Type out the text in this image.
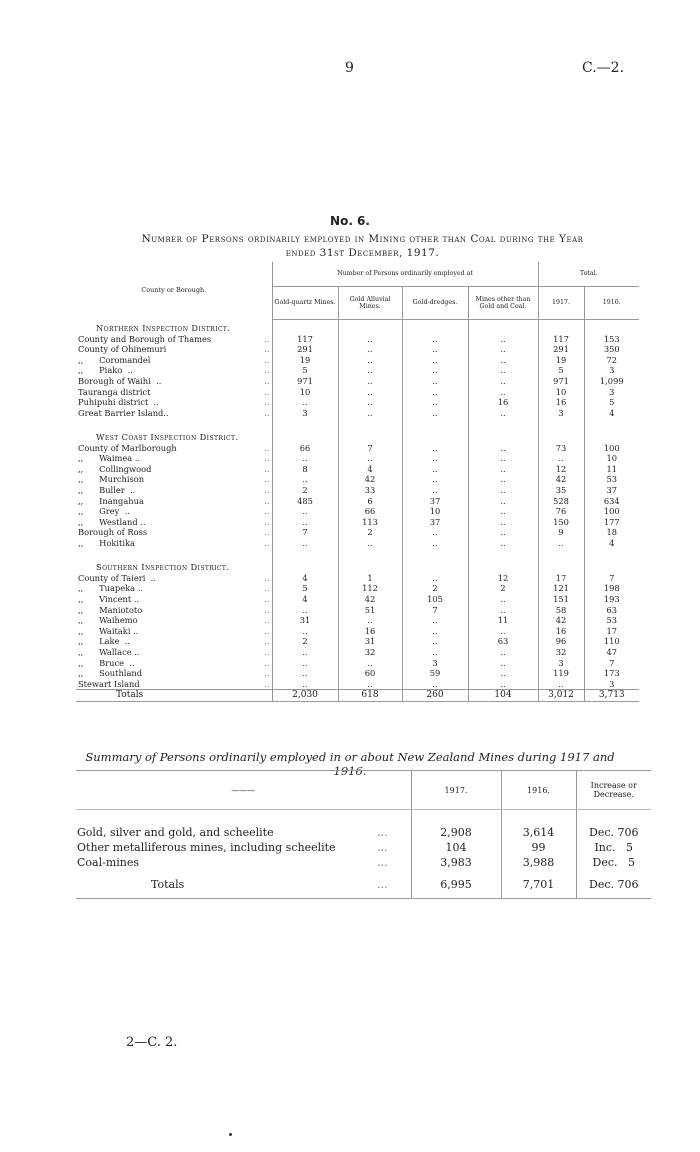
9	C.—2.
No. 6.
Number of Persons ordinarily employed in Mining other than Coal during the Year
ended 31st December, 1917.
County or Borough.		Number of Persons ordinarily employed at				Total.	
		Gold-quartz Mines.	Gold Alluvial Mines.	Gold-dredges.	Mines other than Gold and Coal.	1917.	1916.
Northern Inspection District.							
County and Borough of Thames	..	117	..	..	..	117	153
County of Ohinemuri	..	291	..	..	..	291	350
,,      Coromandel	..	19	..	..	..	19	72
,,      Piako  ..	..	5	..	..	..	5	3
Borough of Waihi  ..	..	971	..	..	..	971	1,099
Tauranga district	..	10	..	..	..	10	3
Puhipuhi district  ..	..	..	..	..	16	16	5
Great Barrier Island..	..	3	..	..	..	3	4

West Coast Inspection District.							
County of Marlborough	..	66	7	..	..	73	100
,,      Waimea ..	..	..	..	..	..	..	10
,,      Collingwood	..	8	4	..	..	12	11
,,      Murchison	..	..	42	..	..	42	53
,,      Buller  ..	..	2	33	..	..	35	37
,,      Inangahua	..	485	6	37	..	528	634
,,      Grey  ..	..	..	66	10	..	76	100
,,      Westland ..	..	..	113	37	..	150	177
Borough of Ross	..	7	2	..	..	9	18
,,      Hokitika	..	..	..	..	..	..	4

Southern Inspection District.							
County of Taieri  ..	..	4	1	..	12	17	7
,,      Tuapeka ..	..	5	112	2	2	121	198
,,      Vincent ..	..	4	42	105	..	151	193
,,      Maniototo	..	..	51	7	..	58	63
,,      Waihemo	..	31	..	..	11	42	53
,,      Waitaki ..	..	..	16	..	..	16	17
,,      Lake  ..	..	2	31	..	63	96	110
,,      Wallace ..	..	..	32	..	..	32	47
,,      Bruce  ..	..	..	..	3	..	3	7
,,      Southland	..	..	60	59	..	119	173
Stewart Island	..	..	..	..	..	..	3
Totals		2,030	618	260	104	3,012	3,713
Summary of Persons ordinarily employed in or about New Zealand Mines during 1917 and 1916.
———		1917.	1916.	Increase or Decrease.

Gold, silver and gold, and scheelite	...	2,908	3,614	Dec. 706
Other metalliferous mines, including scheelite	...	104	99	Inc.   5
Coal-mines	...	3,983	3,988	Dec.   5
Totals	...	6,995	7,701	Dec. 706
2—C. 2.
